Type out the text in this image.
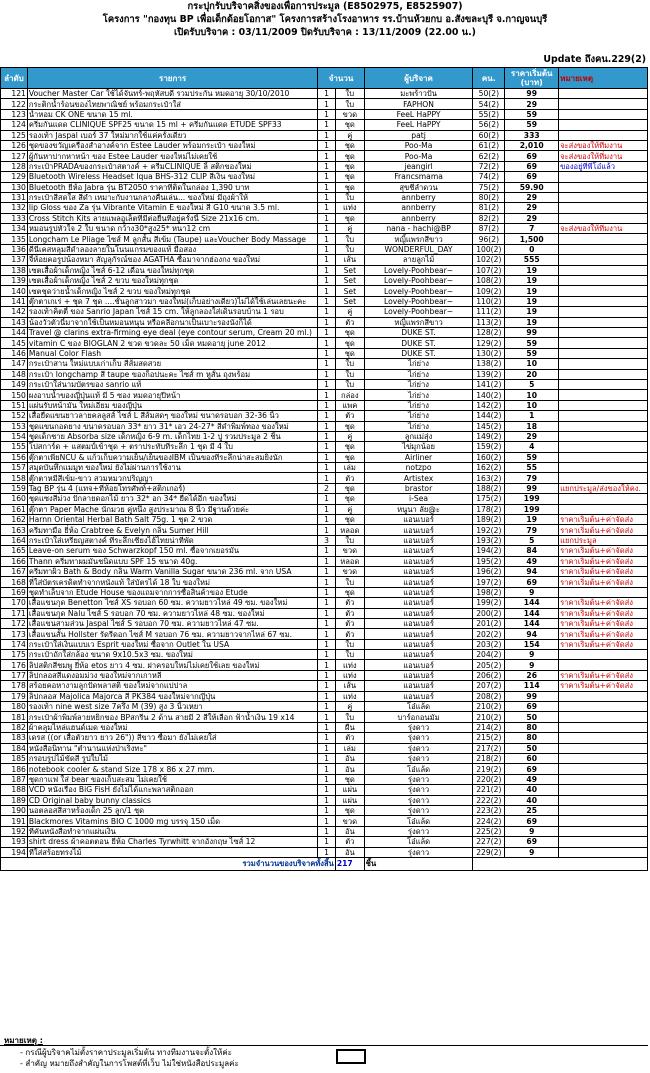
กระปุกรับบริจาคสิ่งของเพื่อการประมูล (E8502975, E8525907)
โครงการ "กองทุน BP เพื่อเด็กด้อยโอกาส" โครงการสร้างโรงอาหาร รร.บ้านห้วยกบ อ.สังขละบุรี จ.กาญจนบุรี
เปิดรับบริจาค : 03/11/2009 ปิดรับบริจาค : 13/11/2009 (22.00 น.)
Update ถึงคน.229(2)
ลำดับ	รายการ	จำนวน		ผู้บริจาค	คน.	ราคาเริ่มต้น (บาท)	หมายเหตุ
121	Voucher Master Car ใช้ได้จันทร์-พฤหัสบดี รวมประกัน หมดอายุ 30/10/2010	1	ใบ	มะพร้าวปั่น	50(2)	99	
122	กระติกน้ำร้อนของไทยพาณิชย์ พร้อมกระเป๋าใส่	1	ใบ	FAPHON	54(2)	29	
123	น้ำหอม CK ONE ขนาด 15 ml.	1	ขวด	FeeL HaPPY	55(2)	59	
124	ครีมกันแดด CLINIQUE SPF25 ขนาด 15 ml + ครีมกันแดด ETUDE SPF33	1	ชุด	FeeL HaPPY	56(2)	59	
125	รองเท้า Jaspal เบอร์ 37 ใหม่มากใช้แค่ครั้งเดียว	1	คู่	patj	60(2)	333	
126	ชุดของขวัญเครื่องสำอางค์จาก Estee Lauder พร้อมกระเป๋า ของใหม่	1	ชุด	Poo-Ma	61(2)	2,010	จะส่งของให้ที่มงาน
127	ผู้กันหาปากหาหน้า ของ Estee Lauder ของใหม่ไม่เคยใช้	1	ชุด	Poo-Ma	62(2)	69	จะส่งของให้ที่มงาน
128	กระเป๋าPRADAของกระเป๋าสตางค์ + ครีมCLINIQUE ลิ้ สติกของใหม่	1	ชุด	jeangirl	72(2)	69	ของอยู่ที่พี่โอ๋แล้ว
129	Bluetooth Wireless Headset Iqua BHS-312 CLIP สีเงิน ของใหม่	1	ชุด	Francsmama	74(2)	69	
130	Bluetooth ยี่ห้อ Jabra รุ่น BT2050 ราคาที่ติดในกล่อง 1,390 บาท	1	ชุด	สุขชีลำดวน	75(2)	59.90	
131	กระเป๋าสีสดใส สีดำ เหมาะกับงานกลางคืนเล่น... ของใหม่ มีถุงผ้าให้	1	ใบ	annberry	80(2)	29	
132	lip Gloss ของ Za รุ่น Vibrante Vitamin E ของใหม่ สี G10 ขนาด 3.5 ml.	1	แท่ง	annberry	81(2)	29	
133	Cross Stitch Kits ลายแพลอูเล็ตที่มีต่อยืนที่อยู่ครั้งนี้ Size 21x16 cm.	1	ชุด	annberry	82(2)	29	
134	หมอนรูปหัวใจ 2 ใบ ขนาด กว้าง30*สูง25* หนา12 cm	1	คู่	nana - hachi@BP	87(2)	7	จะส่งของให้ที่มงาน
135	Longcham Le Pliage ไซส์ M ลูกสั้น สีเข้ม (Taupe) และVoucher Body Massage	1	ใบ	หญิ้แพรกสีขาว	96(2)	1,500	
136	ดีนีเคสหลุมสีดำลองลายในโนนแกรมของแท้ มือสอง	1	ใบ	WONDERFUL_DAY	100(2)	0	
137	จี้ห้อยคอรูปน้องหมา สัญลุกัรณ์ของ AGATHA ซื้อมาจากฮ่องกง ของใหม่	1	เส้น	ลายลูกไม้	102(2)	555	
138	เซตเสื้อผ้าเด็กหญิง ไซส์ 6-12 เดือน ของใหม่ทุกชุด	1	Set	Lovely-Poohbear~	107(2)	19	
139	เซตเสื้อผ้าเด็กหญิง ไซส์ 2 ขวบ ของใหม่ทุกชุด	1	Set	Lovely-Poohbear~	108(2)	19	
140	เซตชุดว่ายน้ำเด็กหญิง ไซส์ 2 ขวบ ของใหม่ทุกชุด	1	Set	Lovely-Poohbear~	109(2)	19	
141	ตุ๊กตาเกเร่ + ชุด 7 ชุด ....ชั้นลูกสาวมา ของใหม่(เก็บอย่างเดียว)ไม่ได้ใช้เล่นเลยนะคะ	1	Set	Lovely-Poohbear~	110(2)	19	
142	รองเท้าคิตตี้ ของ Sanrio Japan ไซส์ 15 cm. ให้ลูกลองใส่เดินรอบบ้าน 1 รอบ	1	คู่	Lovely-Poohbear~	111(2)	19	
143	น้องวัวตัวนี้มาจากใช้เป็นหมอนหนุน หรือคลีอกนาเป็นเบาะรองนั่งก็ได้	1	ตัว	หญิ้แพรกสีขาว	113(2)	19	
144	Travel @ clarins extra-firming eye deal (eye contour serum, Cream 20 ml.)	1	ชุด	DUKE ST.	128(2)	99	
145	vitamin C ของ BIOGLAN 2 ขวด ขวดละ 50 เม็ด หมดอายุ june 2012	1	ชุด	DUKE ST.	129(2)	59	
146	Manual Color Flash	1	ชุด	DUKE ST.	130(2)	59	
147	กระเป๋าสาน ใหม่แบบเก่าเก็บ สีส้มสดสวย	1	ใบ	ไก่ย่าง	138(2)	10	
148	กระเป๋า longchamp สี taupe ของก็อปนะคะ ไซส์ m หูสั้น ถุงพร้อม	1	ใบ	ไก่ย่าง	139(2)	20	
149	กระเป๋าใส่นามบัตรของ sanrio แท้	1	ใบ	ไก่ย่าง	141(2)	5	
150	ผงอาบน้ำของญี่ปุ่นแท้ มี 5 ซอง หมดอายุปีหน้า	1	กล่อง	ไก่ย่าง	140(2)	10	
151	แผ่นรับหน้ามัน ใหม่เอี่ยม ของญี่ปุ่น	1	แพค	ไก่ย่าง	142(2)	10	
152	เสื้อยืดแขนยาวลายคลลูสส์ ไซส์ L สีส้มสดๆ ของใหม่ ขนาดรอบอก 32-36 นิ้ว	1	ตัว	ไก่ย่าง	144(2)	1	
153	ชุดแขนกอดยาง ขนาดรอบอก 33* ยาว 31* เอว 24-27* สีดำพิมพ์ทอง ของใหม่	1	ชุด	ไก่ย่าง	145(2)	18	
154	ชุดเด็กชาย Absorba size เด็กหญิง 6-9 m. เด็กไทย 1-2 ปู รวมประมูล 2 ชิ้น	1	คู่	ลูกแม่สุ่ง	149(2)	29	
155	โปสการ์ด + แสตมป์เข้าชุด + ตราประทับที่ระลึก 1 ชุด มี 4 ใบ	1	ชุด	ไข่มุกน้อย	159(2)	4	
156	ตุ๊กตาเพียNCU & แก้วเก็บความเย็น/เย็นของIBM เป็นของที่ระลึกน่าสะสมยิ่งนัก	1	ชุด	Airliner	160(2)	59	
157	สมุดบันทึกแมมูท ของใหม่ ยังไม่ผ่านการใช้งาน	1	เล่ม	notzpo	162(2)	55	
158	ตุ๊กตาหมีสีเข้ม-ขาว สวมหมวกปริญญา	1	ตัว	Artistex	163(2)	79	
159	Tag BP รุ่น 4 (แทจ+ที่ห้อยโทรศัพท์+สติกเกอร์)	2	ชุด	brastor	188(2)	99	แยกประมูล/ส่งของให้คง.
160	ชุดแซงสีม่วง ปักลายดอกไม้ ยาว 32* อก 34* ยืดได้อีก ของใหม่	1	ชุด	i-Sea	175(2)	199	
161	ตุ๊กตา Paper Mache นักมวย คู่หนึ่ง สูงประมาณ 8 นิ้ว มีฐานด้วยค่ะ	1	คู่	หนูนา ลัย@ะ	178(2)	199	
162	Harnn Oriental Herbal Bath Salt 75g. 1 ชุด 2 ขวด	1	ชุด	แอนเบอร์	189(2)	19	ราคาเริ่มต้น+ค่าจัดส่ง
163	ครีมทามือ ยี่ห้อ Crabtree & Evelyn กลิ่น Sumer Hill	1	หลอด	แอนเบอร์	192(2)	79	ราคาเริ่มต้น+ค่าจัดส่ง
164	กระเป๋าใส่เหรียญสตางค์ ที่ระลึกเซี่ยงไฮ้ไทยน่าที่พัด	3	ใบ	แอนเบอร์	193(2)	5	แยกประมูล
165	Leave-on serum ของ Schwarzkopf 150 ml. ซื้อจากเยอรมัน	1	ขวด	แอนเบอร์	194(2)	84	ราคาเริ่มต้น+ค่าจัดส่ง
166	Thann ครีมทาผมมันชนิดแบบ SPF 15 ขนาด 40g.	1	หลอด	แอนเบอร์	195(2)	49	ราคาเริ่มต้น+ค่าจัดส่ง
167	ครีมทาผิว Bath & Body กลิ่น Warm Vanilla Sugar ขนาด 236 ml. จาก USA	1	ขวด	แอนเบอร์	196(2)	94	ราคาเริ่มต้น+ค่าจัดส่ง
168	ที่ใส่บัตรเครดิตทำจากหนังแท้ ใส่บัตรได้ 18 ใบ ของใหม่	1	ใบ	แอนเบอร์	197(2)	69	ราคาเริ่มต้น+ค่าจัดส่ง
169	ชุดทำเล็บจาก Etude House ของแถมจากการซื้อสินค้าของ Etude	1	ชุด	แอนเบอร์	198(2)	9	
170	เสื้อแขนกุด Benetton ไซส์ XS รอบอก 60 ซม. ความยาวไหล่ 49 ซม. ของใหม่	1	ตัว	แอนเบอร์	199(2)	144	ราคาเริ่มต้น+ค่าจัดส่ง
171	เสื้อแขนกุด Nalu ไซส์ S รอบอก 70 ซม. ความยาวไหล่ 48 ซม. ของใหม่	1	ตัว	แอนเบอร์	200(2)	144	ราคาเริ่มต้น+ค่าจัดส่ง
172	เสื้อแขนสามส่วน Jaspal ไซส์ S รอบอก 70 ซม. ความยาวไหล่ 47 ซม.	1	ตัว	แอนเบอร์	201(2)	144	ราคาเริ่มต้น+ค่าจัดส่ง
173	เสื้อแขนสั้น Hollster รัดรีดอก ไซส์ M รอบอก 76 ซม. ความยาวจากไหล่ 67 ซม.	1	ตัว	แอนเบอร์	202(2)	94	ราคาเริ่มต้น+ค่าจัดส่ง
174	กระเป๋าใส่เงินแบบเว Esprit ของใหม่ ซื้อจาก Outlet ใน USA	1	ใบ	แอนเบอร์	203(2)	154	ราคาเริ่มต้น+ค่าจัดส่ง
175	กระเป๋าถักใส่กล้อง ขนาด 9x10.5x3 ซม. ของใหม่	1	ใบ	แอนเบอร์	204(2)	9	
176	ลิปสติกสีชมพู ยี่ห้อ etos ยาว 4 ซม. ฝาครอบใหม่ไม่เคยใช้เลย ของใหม่	1	แท่ง	แอนเบอร์	205(2)	9	
177	ลิปกลอสสีแดงอมม่วง ของใหม่จากเกาหลี	1	แท่ง	แอนเบอร์	206(2)	26	ราคาเริ่มต้น+ค่าจัดส่ง
178	สร้อยคอหางามลูกปัดพลาสติ ของใหม่จากแปปาล	1	เส้น	แอนเบอร์	207(2)	114	ราคาเริ่มต้น+ค่าจัดส่ง
179	ลิปกลอส Majolica Majorca สี PK384 ของใหม่จากญี่ปุ่น	1	แท่ง	แอนเบอร์	208(2)	99	
180	รองเท้า nine west size 7ครึ่ง M (39) สูง 3 นิ้วเหยา	1	คู่	โอ๋แล้ด	210(2)	69	
181	กระเป๋าผ้าพิมพ์ลายหยิกของ BPสกรีน 2 ด้าน สายมี 2 สีให้เลือก ฟ้าน้ำเงิน 19 x14	1	ใบ	บาร์อกอนมัม	210(2)	50	
182	ผ้าคลุมไหล่แฮนด์เมด ของใหม่	1	ผืน	รุ่งดาว	214(2)	80	
183	เดรส ((or เสื้อตัวยาว ยาว 26")) สีขาว ซื้อมา ยังไม่เคยใส่	1	ตัว	รุ่งดาว	215(2)	80	
184	หนังสือนิทาน "ตำนานแห่งป่าเริ่งทะ"	1	เล่ม	รุ่งดาว	217(2)	50	
185	กรอบรูปไม้ขัดสี รูปใบไม้	1	อัน	รุ่งดาว	218(2)	60	
186	notebook cooler & stand Size 178 x 86 x 27 mm.	1	อัน	โอ๋แล้ด	219(2)	69	
187	ชุดกาแฟ ใส่ bear ของเก็บสะสม ไม่เคยใช้	1	ชุด	รุ่งดาว	220(2)	49	
188	VCD หนังเรื่อง BiG FisH ยังไม่ได้แกะพลาสติกออก	1	แผ่น	รุ่งดาว	221(2)	40	
189	CD Original baby bunny classics	1	แผ่น	รุ่งดาว	222(2)	40	
190	นอตลอสสีสาหร้องเด็ก 25 ลูก/1 ชุด	1	ชุด	รุ่งดาว	223(2)	25	
191	Blackmores Vitamins BIO C 1000 mg บรรจุ 150 เม็ด	1	ขวด	โอ๋แล้ด	224(2)	69	
192	ที่คั่นหนังสือทำจากแผ่นเงิน	1	อัน	รุ่งดาว	225(2)	9	
193	shirt dress ผ้าคอตตอน ยี่ห้อ Charles Tyrwhitt จากอังกฤษ ไซส์ 12	1	ตัว	โอ๋แล้ด	227(2)	69	
194	ที่ใส่สร้อยทรงไม้	1	อัน	รุ่งดาว	229(2)	9	
รวมจำนวนของบริจาคทั้งสิ้น			217	ชิ้น			
หมายเหตุ :
- กรณีผู้บริจาคไม่ตั้งราคาประมูลเริ่มต้น ทางทีมงานจะตั้งให้ค่ะ
- สำคัญ หมายถึงสำคัญในการโพสต์ที่เว็บ ไม่ใช่หนังสือประมูลค่ะ
